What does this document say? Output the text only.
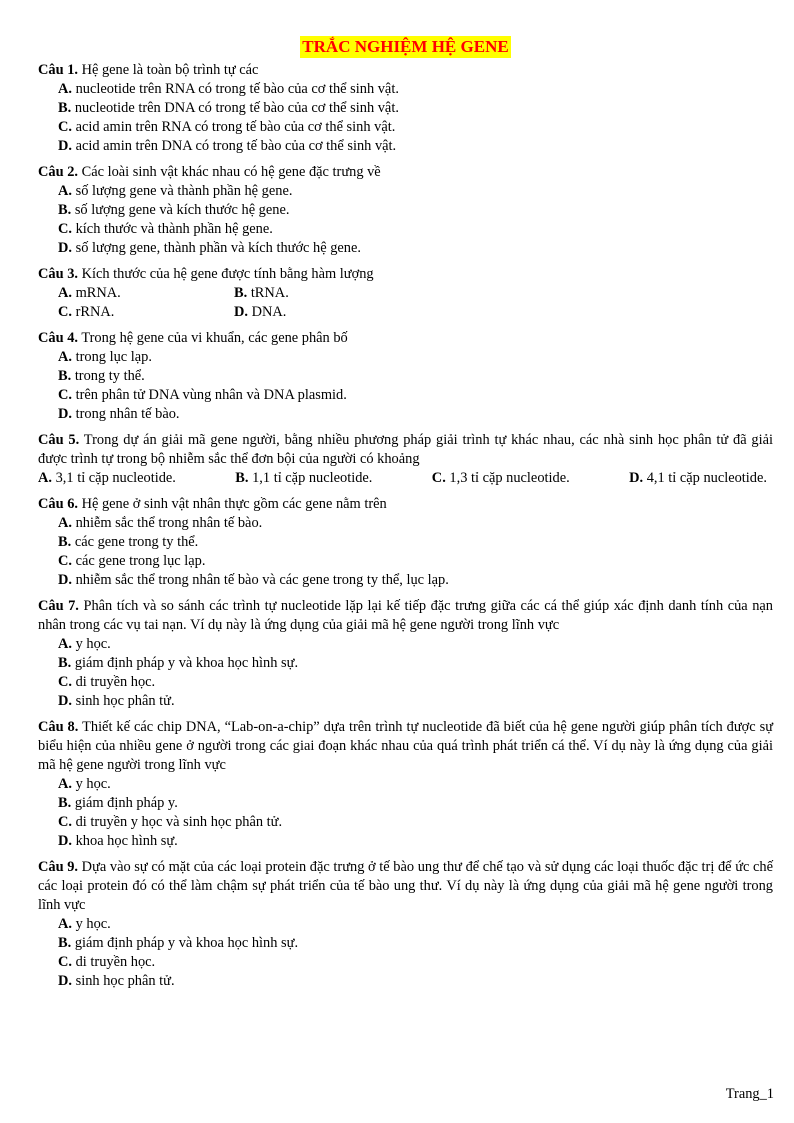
TRẮC NGHIỆM HỆ GENE
Câu 1. Hệ gene là toàn bộ trình tự các
A. nucleotide trên RNA có trong tế bào của cơ thể sinh vật.
B. nucleotide trên DNA có trong tế bào của cơ thể sinh vật.
C. acid amin trên RNA có trong tế bào của cơ thể sinh vật.
D. acid amin trên DNA có trong tế bào của cơ thể sinh vật.
Câu 2. Các loài sinh vật khác nhau có hệ gene đặc trưng về
A. số lượng gene và thành phần hệ gene.
B. số lượng gene và kích thước hệ gene.
C. kích thước và thành phần hệ gene.
D. số lượng gene, thành phần và kích thước hệ gene.
Câu 3. Kích thước của hệ gene được tính bằng hàm lượng
A. mRNA.	B. tRNA.
C. rRNA.	D. DNA.
Câu 4. Trong hệ gene của vi khuẩn, các gene phân bố
A. trong lục lạp.
B. trong ty thể.
C. trên phân tử DNA vùng nhân và DNA plasmid.
D. trong nhân tế bào.
Câu 5. Trong dự án giải mã gene người, bằng nhiều phương pháp giải trình tự khác nhau, các nhà sinh học phân tử đã giải được trình tự trong bộ nhiễm sắc thể đơn bội của người có khoảng
A. 3,1 tỉ cặp nucleotide.	B. 1,1 tỉ cặp nucleotide.	C. 1,3 tỉ cặp nucleotide.	D. 4,1 tỉ cặp nucleotide.
Câu 6. Hệ gene ở sinh vật nhân thực gồm các gene nằm trên
A. nhiễm sắc thể trong nhân tế bào.
B. các gene trong ty thể.
C. các gene trong lục lạp.
D. nhiễm sắc thể trong nhân tế bào và các gene trong ty thể, lục lạp.
Câu 7. Phân tích và so sánh các trình tự nucleotide lặp lại kế tiếp đặc trưng giữa các cá thể giúp xác định danh tính của nạn nhân trong các vụ tai nạn. Ví dụ này là ứng dụng của giải mã hệ gene người trong lĩnh vực
A. y học.
B. giám định pháp y và khoa học hình sự.
C. di truyền học.
D. sinh học phân tử.
Câu 8. Thiết kế các chip DNA, “Lab-on-a-chip” dựa trên trình tự nucleotide đã biết của hệ gene người giúp phân tích được sự biểu hiện của nhiều gene ở người trong các giai đoạn khác nhau của quá trình phát triển cá thể. Ví dụ này là ứng dụng của giải mã hệ gene người trong lĩnh vực
A. y học.
B. giám định pháp y.
C. di truyền y học và sinh học phân tử.
D. khoa học hình sự.
Câu 9. Dựa vào sự có mặt của các loại protein đặc trưng ở tế bào ung thư để chế tạo và sử dụng các loại thuốc đặc trị để ức chế các loại protein đó có thể làm chậm sự phát triển của tế bào ung thư. Ví dụ này là ứng dụng của giải mã hệ gene người trong lĩnh vực
A. y học.
B. giám định pháp y và khoa học hình sự.
C. di truyền học.
D. sinh học phân tử.
Trang_1
